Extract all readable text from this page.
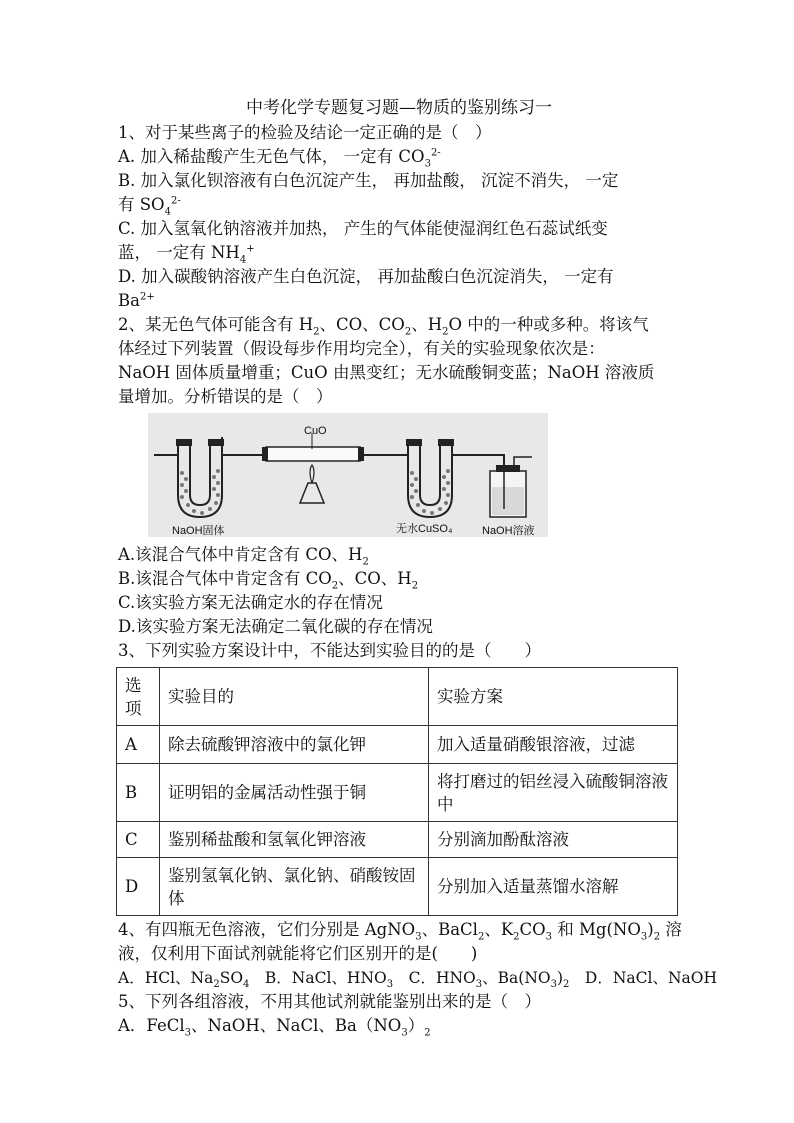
中考化学专题复习题—物质的鉴别练习一
1、对于某些离子的检验及结论一定正确的是（　）
A. 加入稀盐酸产生无色气体， 一定有 $CO_3^{2-}$
B. 加入氯化钡溶液有白色沉淀产生， 再加盐酸， 沉淀不消失， 一定
有 $SO_4^{2-}$
C. 加入氢氧化钠溶液并加热， 产生的气体能使湿润红色石蕊试纸变
蓝， 一定有 $NH_4^+$
D. 加入碳酸钠溶液产生白色沉淀， 再加盐酸白色沉淀消失， 一定有
$Ba^{2+}$
2、某无色气体可能含有 $H_2$、CO、$CO_2$、$H_2O$ 中的一种或多种。将该气
体经过下列装置（假设每步作用均完全），有关的实验现象依次是：
NaOH 固体质量增重；CuO 由黑变红；无水硫酸铜变蓝；NaOH 溶液质
量增加。分析错误的是（　）
CuO
NaOH固体	无水CuSO₄	NaOH溶液
A.该混合气体中肯定含有 CO、$H_2$
B.该混合气体中肯定含有 $CO_2$、CO、$H_2$
C.该实验方案无法确定水的存在情况
D.该实验方案无法确定二氧化碳的存在情况
3、下列实验方案设计中，不能达到实验目的的是（　　）
选项	实验目的	实验方案
A	除去硫酸钾溶液中的氯化钾	加入适量硝酸银溶液，过滤
B	证明铝的金属活动性强于铜	将打磨过的铝丝浸入硫酸铜溶液中
C	鉴别稀盐酸和氢氧化钾溶液	分别滴加酚酞溶液
D	鉴别氢氧化钠、氯化钠、硝酸铵固体	分别加入适量蒸馏水溶解
4、有四瓶无色溶液，它们分别是 AgNO$_3$、BaCl$_2$、$K_2CO_3$ 和 $Mg(NO_3)_2$ 溶
液，仅利用下面试剂就能将它们区别开的是(　　)
A．HCl、$Na_2SO_4$　B．NaCl、$HNO_3$　C．$HNO_3$、$Ba(NO_3)_2$　D．NaCl、NaOH
5、下列各组溶液，不用其他试剂就能鉴别出来的是（　）
A．FeCl$_3$、NaOH、NaCl、$Ba(NO_3)_2$
